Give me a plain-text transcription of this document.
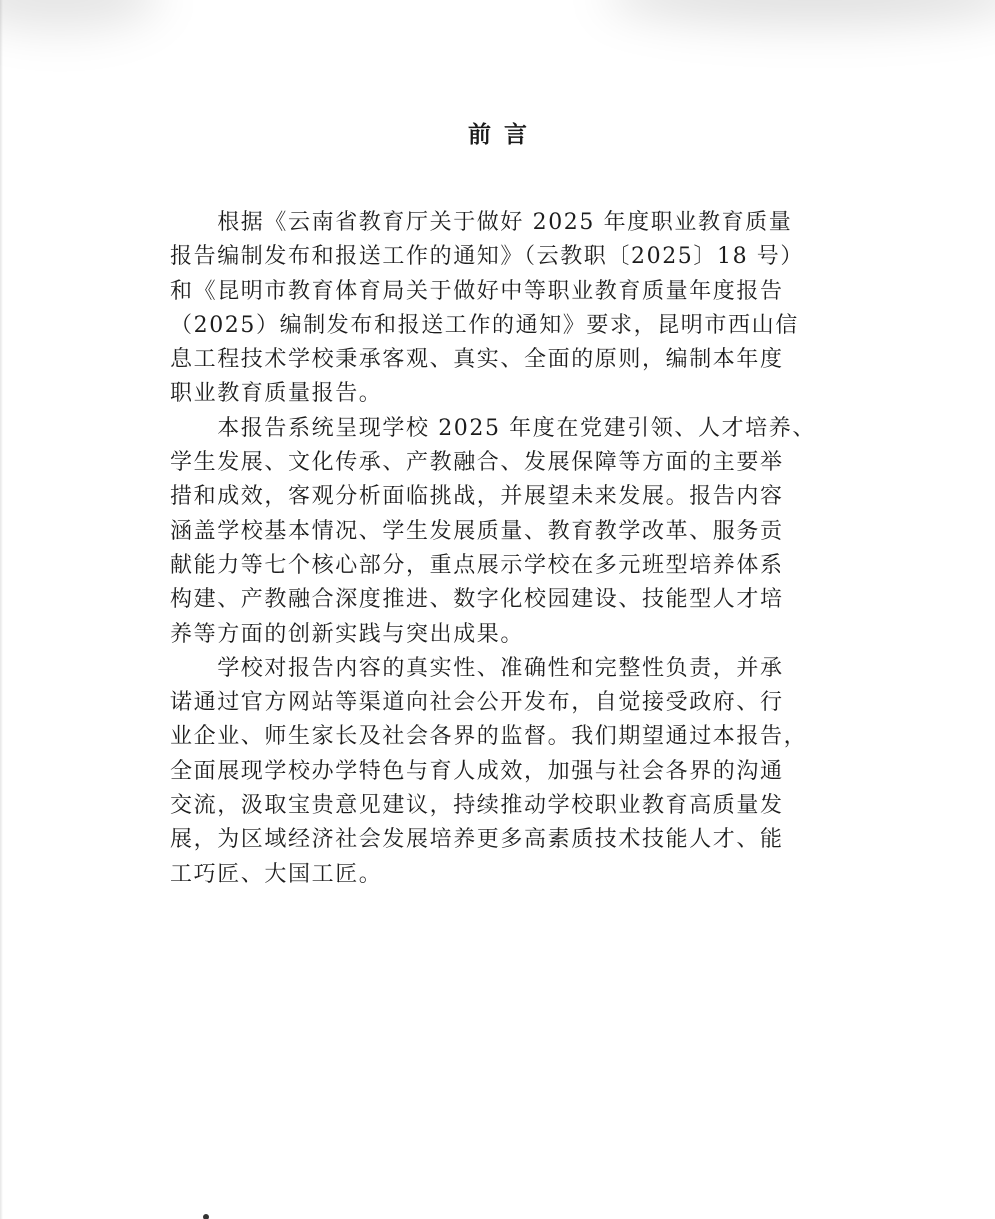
前言
　　根据《云南省教育厅关于做好 2025 年度职业教育质量
报告编制发布和报送工作的通知》（云教职〔2025〕18 号）
和《昆明市教育体育局关于做好中等职业教育质量年度报告
（2025）编制发布和报送工作的通知》要求，昆明市西山信
息工程技术学校秉承客观、真实、全面的原则，编制本年度
职业教育质量报告。
　　本报告系统呈现学校 2025 年度在党建引领、人才培养、
学生发展、文化传承、产教融合、发展保障等方面的主要举
措和成效，客观分析面临挑战，并展望未来发展。报告内容
涵盖学校基本情况、学生发展质量、教育教学改革、服务贡
献能力等七个核心部分，重点展示学校在多元班型培养体系
构建、产教融合深度推进、数字化校园建设、技能型人才培
养等方面的创新实践与突出成果。
　　学校对报告内容的真实性、准确性和完整性负责，并承
诺通过官方网站等渠道向社会公开发布，自觉接受政府、行
业企业、师生家长及社会各界的监督。我们期望通过本报告，
全面展现学校办学特色与育人成效，加强与社会各界的沟通
交流，汲取宝贵意见建议，持续推动学校职业教育高质量发
展，为区域经济社会发展培养更多高素质技术技能人才、能
工巧匠、大国工匠。
